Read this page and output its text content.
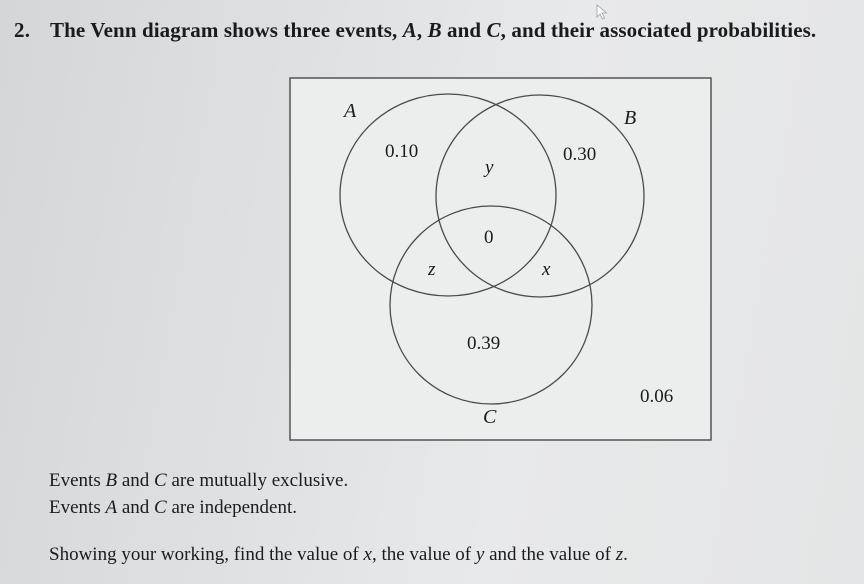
2. The Venn diagram shows three events, A, B and C, and their associated probabilities.
A	B
C
0.10
y
0.30
0
z	x
0.39
0.06
Events B and C are mutually exclusive.
Events A and C are independent.
Showing your working, find the value of x, the value of y and the value of z.
